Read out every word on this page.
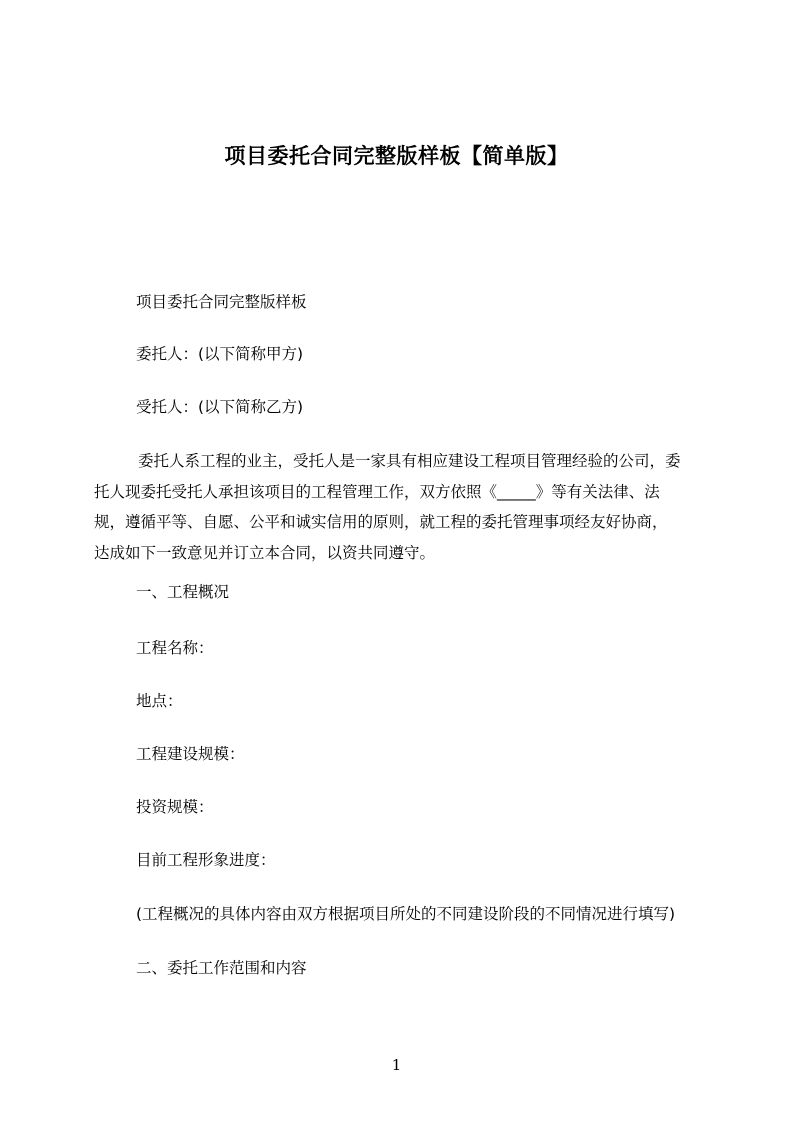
项目委托合同完整版样板【简单版】
项目委托合同完整版样板
委托人：(以下简称甲方)
受托人：(以下简称乙方)
委托人系工程的业主，受托人是一家具有相应建设工程项目管理经验的公司，委
托人现委托受托人承担该项目的工程管理工作，双方依照《_____》等有关法律、法
规，遵循平等、自愿、公平和诚实信用的原则，就工程的委托管理事项经友好协商，
达成如下一致意见并订立本合同，以资共同遵守。
一、工程概况
工程名称：
地点：
工程建设规模：
投资规模：
目前工程形象进度：
(工程概况的具体内容由双方根据项目所处的不同建设阶段的不同情况进行填写)
二、委托工作范围和内容
1
